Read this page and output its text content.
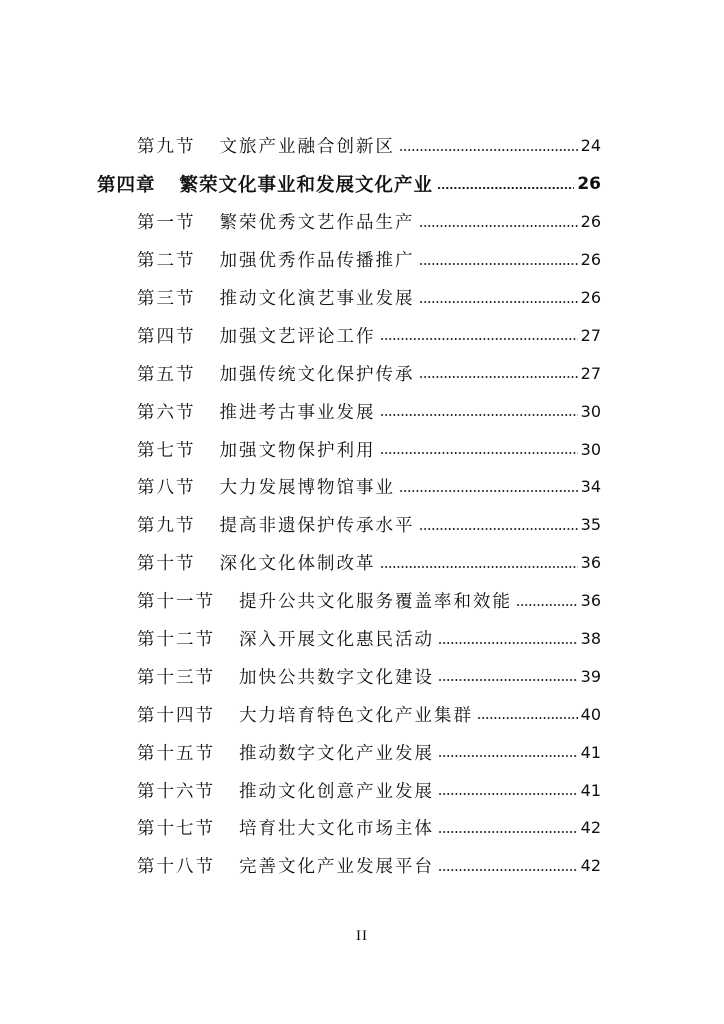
第九节 文旅产业融合创新区	24
第四章 繁荣文化事业和发展文化产业	26
第一节 繁荣优秀文艺作品生产	26
第二节 加强优秀作品传播推广	26
第三节 推动文化演艺事业发展	26
第四节 加强文艺评论工作	27
第五节 加强传统文化保护传承	27
第六节 推进考古事业发展	30
第七节 加强文物保护利用	30
第八节 大力发展博物馆事业	34
第九节 提高非遗保护传承水平	35
第十节 深化文化体制改革	36
第十一节 提升公共文化服务覆盖率和效能	36
第十二节 深入开展文化惠民活动	38
第十三节 加快公共数字文化建设	39
第十四节 大力培育特色文化产业集群	40
第十五节 推动数字文化产业发展	41
第十六节 推动文化创意产业发展	41
第十七节 培育壮大文化市场主体	42
第十八节 完善文化产业发展平台	42
II
